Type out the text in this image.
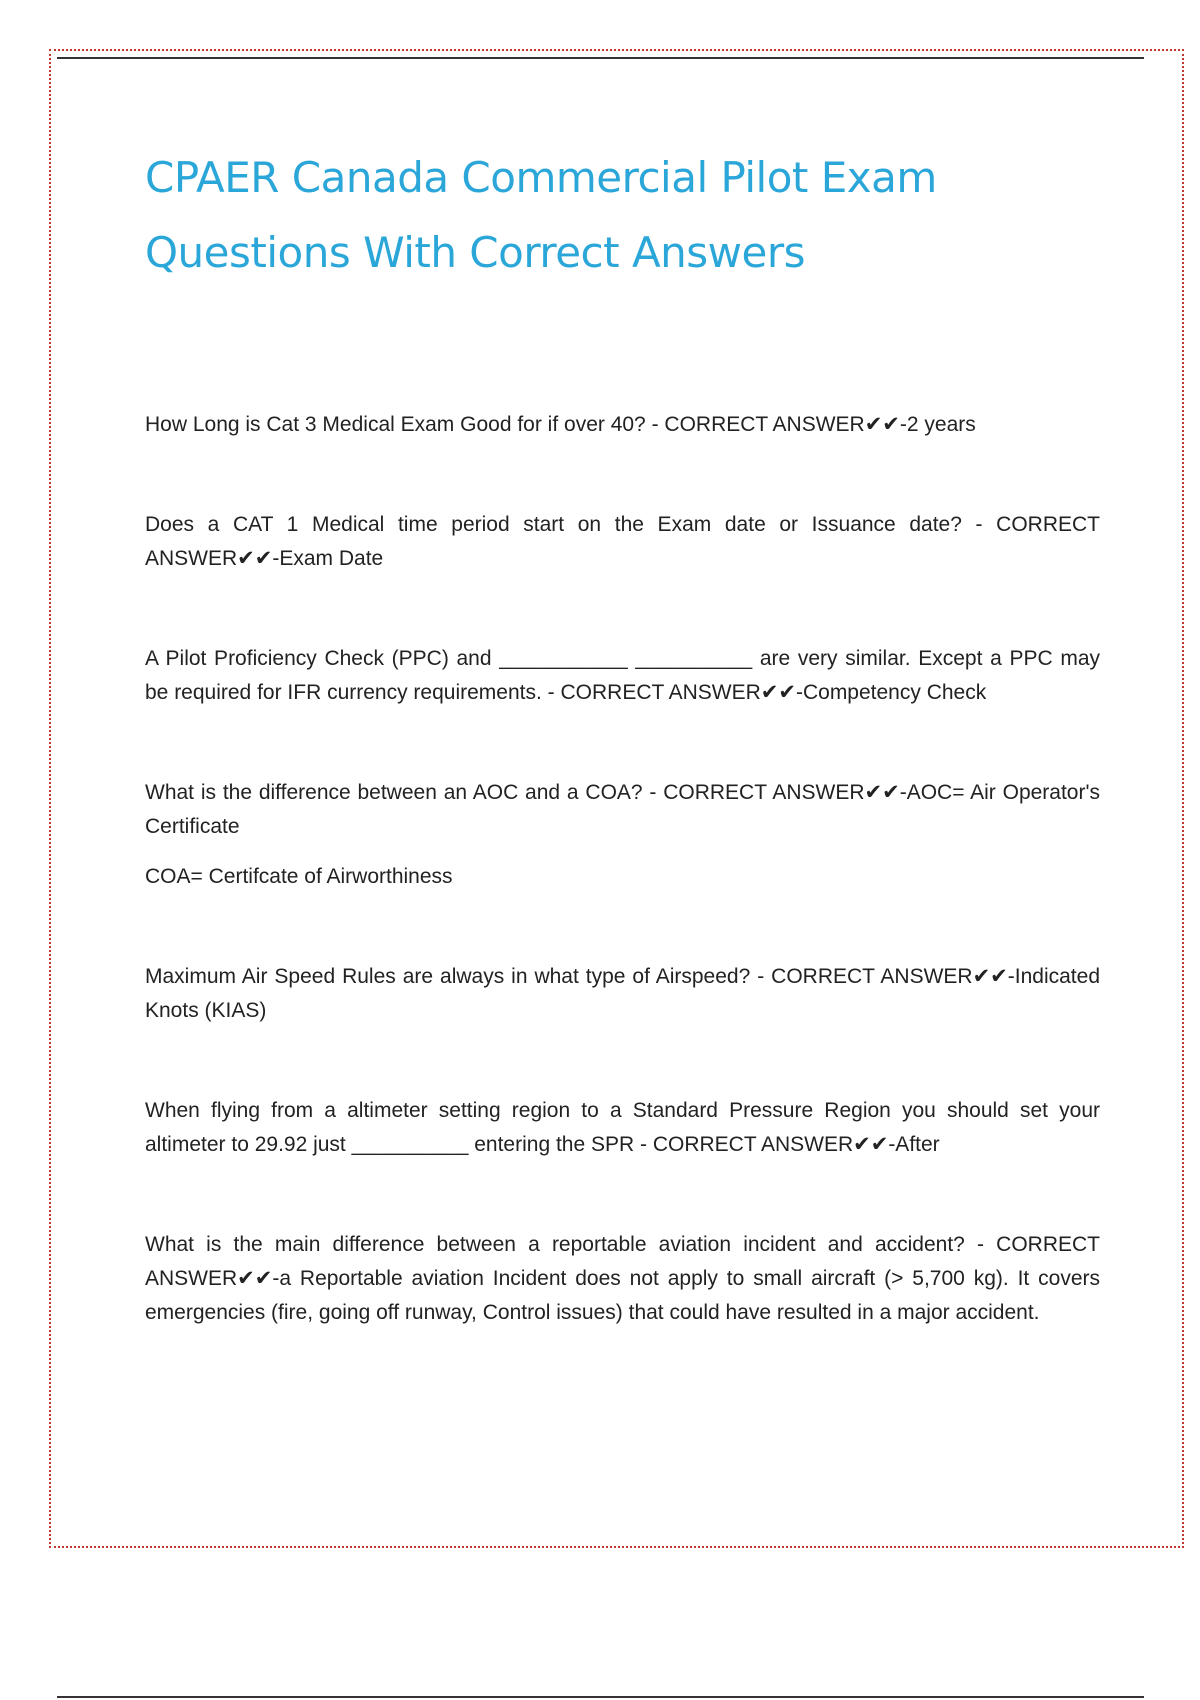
CPAER Canada Commercial Pilot Exam Questions With Correct Answers

How Long is Cat 3 Medical Exam Good for if over 40? - CORRECT ANSWER✔✔-2 years

Does a CAT 1 Medical time period start on the Exam date or Issuance date? - CORRECT ANSWER✔✔-Exam Date

A Pilot Proficiency Check (PPC) and ___________ __________ are very similar. Except a PPC may be required for IFR currency requirements. - CORRECT ANSWER✔✔-Competency Check

What is the difference between an AOC and a COA? - CORRECT ANSWER✔✔-AOC= Air Operator's Certificate

COA= Certifcate of Airworthiness

Maximum Air Speed Rules are always in what type of Airspeed? - CORRECT ANSWER✔✔-Indicated Knots (KIAS)

When flying from a altimeter setting region to a Standard Pressure Region you should set your altimeter to 29.92 just __________ entering the SPR - CORRECT ANSWER✔✔-After

What is the main difference between a reportable aviation incident and accident? - CORRECT ANSWER✔✔-a Reportable aviation Incident does not apply to small aircraft (> 5,700 kg). It covers emergencies (fire, going off runway, Control issues) that could have resulted in a major accident.
